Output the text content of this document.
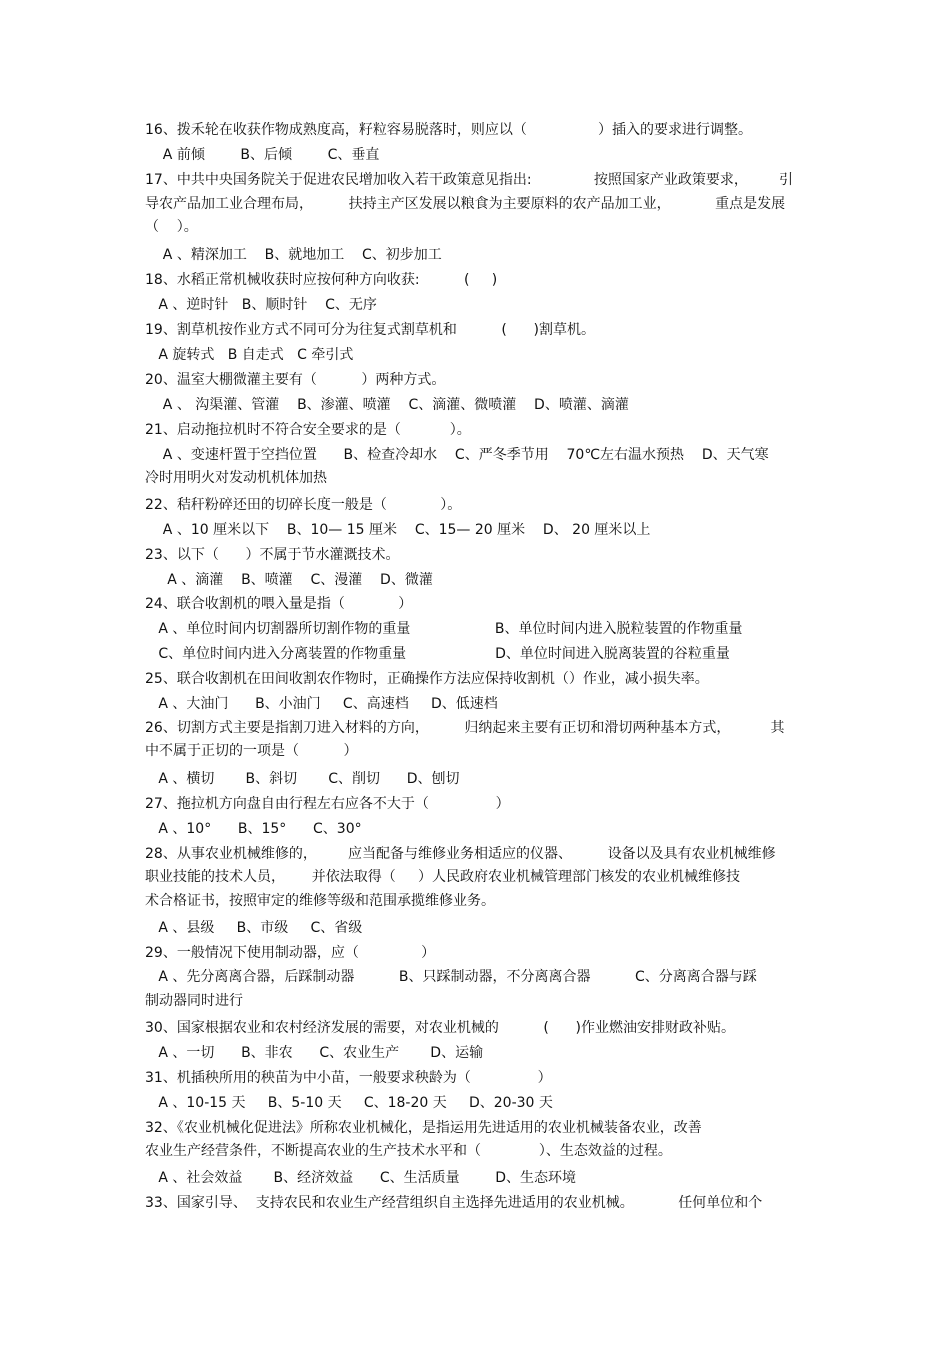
16、拨禾轮在收获作物成熟度高，籽粒容易脱落时，则应以（                ）插入的要求进行调整。
A 前倾        B、后倾        C、垂直
17、中共中央国务院关于促进农民增加收入若干政策意见指出:              按照国家产业政策要求，       引
导农产品加工业合理布局，        扶持主产区发展以粮食为主要原料的农产品加工业，          重点是发展
（    ）。
A 、精深加工    B、就地加工    C、初步加工
18、水稻正常机械收获时应按何种方向收获:          (     )
A 、逆时针   B、顺时针    C、无序
19、割草机按作业方式不同可分为往复式割草机和          (      )割草机。
A 旋转式   B 自走式   C 牵引式
20、温室大棚微灌主要有（          ）两种方式。
A 、 沟渠灌、管灌    B、渗灌、喷灌    C、滴灌、微喷灌    D、喷灌、滴灌
21、启动拖拉机时不符合安全要求的是（           ）。
A 、变速杆置于空挡位置      B、检查冷却水    C、严冬季节用    70℃左右温水预热    D、天气寒
冷时用明火对发动机机体加热
22、秸秆粉碎还田的切碎长度一般是（            ）。
A 、10 厘米以下    B、10— 15 厘米    C、15— 20 厘米    D、 20 厘米以上
23、以下（      ）不属于节水灌溉技术。
A 、滴灌    B、喷灌    C、漫灌    D、微灌
24、联合收割机的喂入量是指（            ）
A 、单位时间内切割器所切割作物的重量                   B、单位时间内进入脱粒装置的作物重量
C、单位时间内进入分离装置的作物重量                    D、单位时间进入脱离装置的谷粒重量
25、联合收割机在田间收割农作物时，正确操作方法应保持收割机（）作业，减小损失率。
A 、大油门      B、小油门     C、高速档     D、低速档
26、切割方式主要是指割刀进入材料的方向，        归纳起来主要有正切和滑切两种基本方式，         其
中不属于正切的一项是（          ）
A 、横切       B、斜切       C、削切      D、刨切
27、拖拉机方向盘自由行程左右应各不大于（               ）
A 、10°      B、15°      C、30°
28、从事农业机械维修的，       应当配备与维修业务相适应的仪器、        设备以及具有农业机械维修
职业技能的技术人员，      并依法取得（     ）人民政府农业机械管理部门核发的农业机械维修技
术合格证书，按照审定的维修等级和范围承揽维修业务。
A 、县级     B、市级     C、省级
29、一般情况下使用制动器，应（              ）
A 、先分离离合器，后踩制动器          B、只踩制动器，不分离离合器          C、分离离合器与踩
制动器同时进行
30、国家根据农业和农村经济发展的需要，对农业机械的          (      )作业燃油安排财政补贴。
A 、一切      B、非农      C、农业生产       D、运输
31、机插秧所用的秧苗为中小苗，一般要求秧龄为（               ）
A 、10-15 天     B、5-10 天     C、18-20 天     D、20-30 天
32、《农业机械化促进法》所称农业机械化，是指运用先进适用的农业机械装备农业，改善
农业生产经营条件，不断提高农业的生产技术水平和（             ）、生态效益的过程。
A 、社会效益       B、经济效益      C、生活质量        D、生态环境
33、国家引导、  支持农民和农业生产经营组织自主选择先进适用的农业机械。          任何单位和个
